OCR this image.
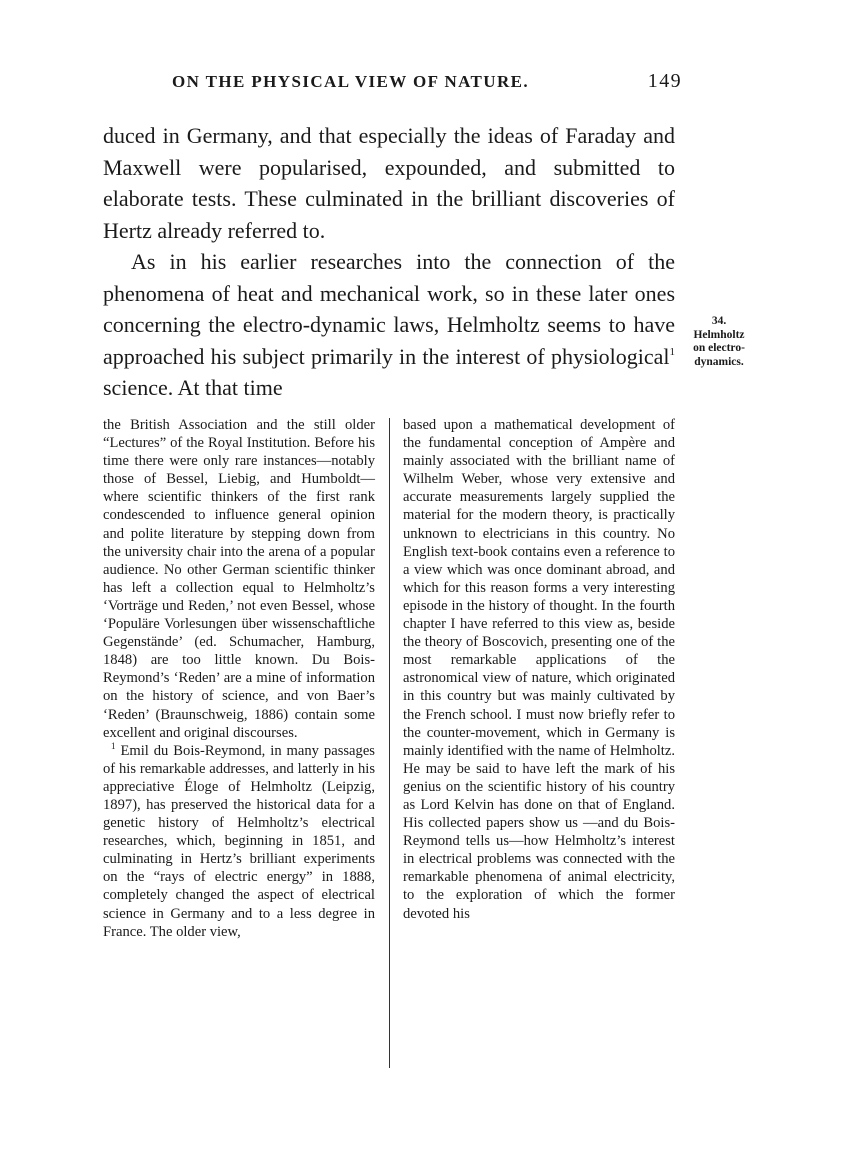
ON THE PHYSICAL VIEW OF NATURE.	149

duced in Germany, and that especially the ideas of Faraday and Maxwell were popularised, expounded, and submitted to elaborate tests. These culminated in the brilliant discoveries of Hertz already referred to.

As in his earlier researches into the connection of the phenomena of heat and mechanical work, so in these later ones concerning the electro-dynamic laws, Helmholtz seems to have approached his subject primarily in the interest of physiological$^1$ science. At that time

34.
Helmholtz
on electro-
dynamics.

the British Association and the still older “Lectures” of the Royal Institution. Before his time there were only rare instances—notably those of Bessel, Liebig, and Humboldt—where scientific thinkers of the first rank condescended to influence general opinion and polite literature by stepping down from the university chair into the arena of a popular audience. No other German scientific thinker has left a collection equal to Helmholtz’s ‘Vorträge und Reden,’ not even Bessel, whose ‘Populäre Vorlesungen über wissenschaftliche Gegenstände’ (ed. Schumacher, Hamburg, 1848) are too little known. Du Bois-Reymond’s ‘Reden’ are a mine of information on the history of science, and von Baer’s ‘Reden’ (Braunschweig, 1886) contain some excellent and original discourses.

$^1$ Emil du Bois-Reymond, in many passages of his remarkable addresses, and latterly in his appreciative Éloge of Helmholtz (Leipzig, 1897), has preserved the historical data for a genetic history of Helmholtz’s electrical researches, which, beginning in 1851, and culminating in Hertz’s brilliant experiments on the “rays of electric energy” in 1888, completely changed the aspect of electrical science in Germany and to a less degree in France. The older view,

based upon a mathematical development of the fundamental conception of Ampère and mainly associated with the brilliant name of Wilhelm Weber, whose very extensive and accurate measurements largely supplied the material for the modern theory, is practically unknown to electricians in this country. No English text-book contains even a reference to a view which was once dominant abroad, and which for this reason forms a very interesting episode in the history of thought. In the fourth chapter I have referred to this view as, beside the theory of Boscovich, presenting one of the most remarkable applications of the astronomical view of nature, which originated in this country but was mainly cultivated by the French school. I must now briefly refer to the counter-movement, which in Germany is mainly identified with the name of Helmholtz. He may be said to have left the mark of his genius on the scientific history of his country as Lord Kelvin has done on that of England. His collected papers show us —and du Bois-Reymond tells us—how Helmholtz’s interest in electrical problems was connected with the remarkable phenomena of animal electricity, to the exploration of which the former devoted his
